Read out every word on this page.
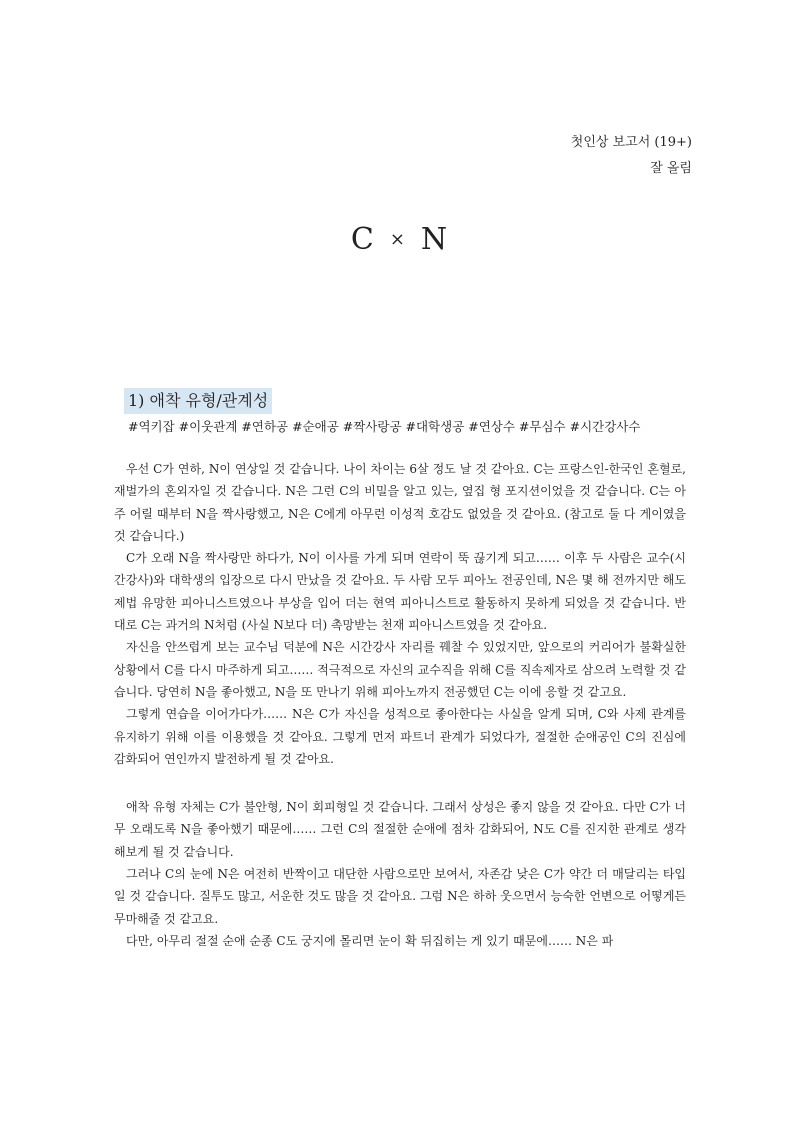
첫인상 보고서 (19+)
잘 올림
C × N
1) 애착 유형/관계성
#역키잡 #이웃관계 #연하공 #순애공 #짝사랑공 #대학생공 #연상수 #무심수 #시간강사수

우선 C가 연하, N이 연상일 것 같습니다. 나이 차이는 6살 정도 날 것 같아요. C는 프랑스인-한국인 혼혈로, 재벌가의 혼외자일 것 같습니다. N은 그런 C의 비밀을 알고 있는, 옆집 형 포지션이었을 것 같습니다. C는 아주 어릴 때부터 N을 짝사랑했고, N은 C에게 아무런 이성적 호감도 없었을 것 같아요. (참고로 둘 다 게이였을 것 같습니다.)

C가 오래 N을 짝사랑만 하다가, N이 이사를 가게 되며 연락이 뚝 끊기게 되고…… 이후 두 사람은 교수(시간강사)와 대학생의 입장으로 다시 만났을 것 같아요. 두 사람 모두 피아노 전공인데, N은 몇 해 전까지만 해도 제법 유망한 피아니스트였으나 부상을 입어 더는 현역 피아니스트로 활동하지 못하게 되었을 것 같습니다. 반대로 C는 과거의 N처럼 (사실 N보다 더) 촉망받는 천재 피아니스트였을 것 같아요.

자신을 안쓰럽게 보는 교수님 덕분에 N은 시간강사 자리를 꿰찰 수 있었지만, 앞으로의 커리어가 불확실한 상황에서 C를 다시 마주하게 되고…… 적극적으로 자신의 교수직을 위해 C를 직속제자로 삼으려 노력할 것 같습니다. 당연히 N을 좋아했고, N을 또 만나기 위해 피아노까지 전공했던 C는 이에 응할 것 같고요.

그렇게 연습을 이어가다가…… N은 C가 자신을 성적으로 좋아한다는 사실을 알게 되며, C와 사제 관계를 유지하기 위해 이를 이용했을 것 같아요. 그렇게 먼저 파트너 관계가 되었다가, 절절한 순애공인 C의 진심에 감화되어 연인까지 발전하게 될 것 같아요.

애착 유형 자체는 C가 불안형, N이 회피형일 것 같습니다. 그래서 상성은 좋지 않을 것 같아요. 다만 C가 너무 오래도록 N을 좋아했기 때문에…… 그런 C의 절절한 순애에 점차 감화되어, N도 C를 진지한 관계로 생각해보게 될 것 같습니다.

그러나 C의 눈에 N은 여전히 반짝이고 대단한 사람으로만 보여서, 자존감 낮은 C가 약간 더 매달리는 타입일 것 같습니다. 질투도 많고, 서운한 것도 많을 것 같아요. 그럼 N은 하하 웃으면서 능숙한 언변으로 어떻게든 무마해줄 것 같고요.

다만, 아무리 절절 순애 순종 C도 궁지에 몰리면 눈이 확 뒤집히는 게 있기 때문에…… N은 파
